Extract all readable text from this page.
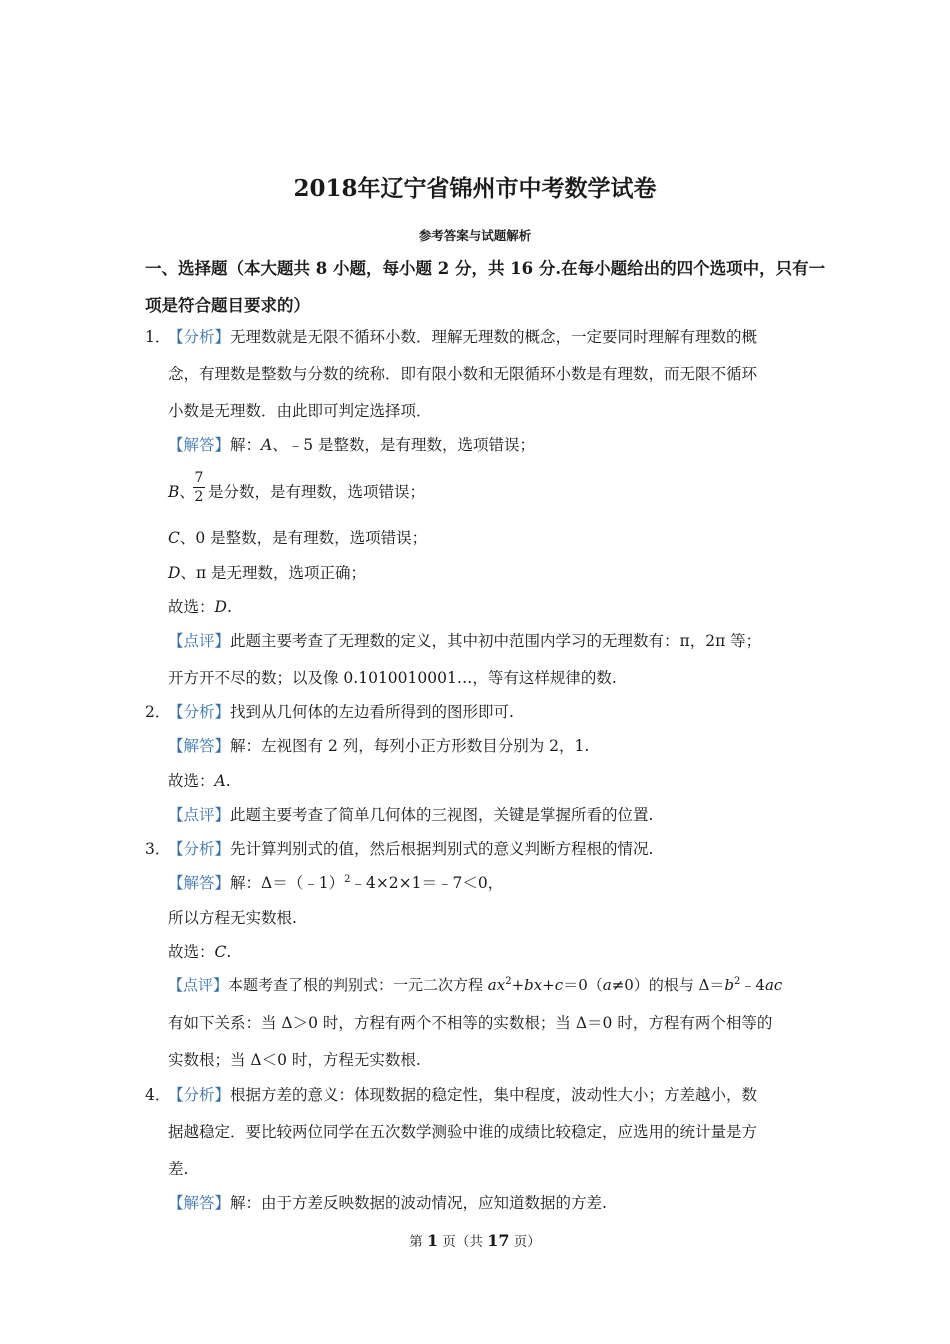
2018年辽宁省锦州市中考数学试卷
参考答案与试题解析
一、选择题（本大题共 8 小题，每小题 2 分，共 16 分.在每小题给出的四个选项中，只有一
项是符合题目要求的）
1．
【分析】无理数就是无限不循环小数．理解无理数的概念，一定要同时理解有理数的概
念，有理数是整数与分数的统称．即有限小数和无限循环小数是有理数，而无限不循环
小数是无理数．由此即可判定选择项．
【解答】解：A、﹣5 是整数，是有理数，选项错误；
B、
7
2 是分数，是有理数，选项错误；
C、0 是整数，是有理数，选项错误；
D、π 是无理数，选项正确；
故选：D.
【点评】此题主要考查了无理数的定义，其中初中范围内学习的无理数有：π，2π 等；
开方开不尽的数；以及像 0.1010010001…，等有这样规律的数.
2．
【分析】找到从几何体的左边看所得到的图形即可.
【解答】解：左视图有 2 列，每列小正方形数目分别为 2，1.
故选：A.
【点评】此题主要考查了简单几何体的三视图，关键是掌握所看的位置.
3．
【分析】先计算判别式的值，然后根据判别式的意义判断方程根的情况.
【解答】解：Δ＝（﹣1）$^2$﹣4×2×1＝﹣7＜0，
所以方程无实数根.
故选：C.
【点评】本题考查了根的判别式：一元二次方程 $ax^2+bx+c=0(a\ne 0)$的根与 $\Delta=b^2﹣4ac$
有如下关系：当 Δ＞0 时，方程有两个不相等的实数根；当 Δ＝0 时，方程有两个相等的
实数根；当 Δ＜0 时，方程无实数根.
4．
【分析】根据方差的意义：体现数据的稳定性，集中程度，波动性大小；方差越小，数
据越稳定．要比较两位同学在五次数学测验中谁的成绩比较稳定，应选用的统计量是方
差.
【解答】解：由于方差反映数据的波动情况，应知道数据的方差.
第 1 页（共 17 页）
